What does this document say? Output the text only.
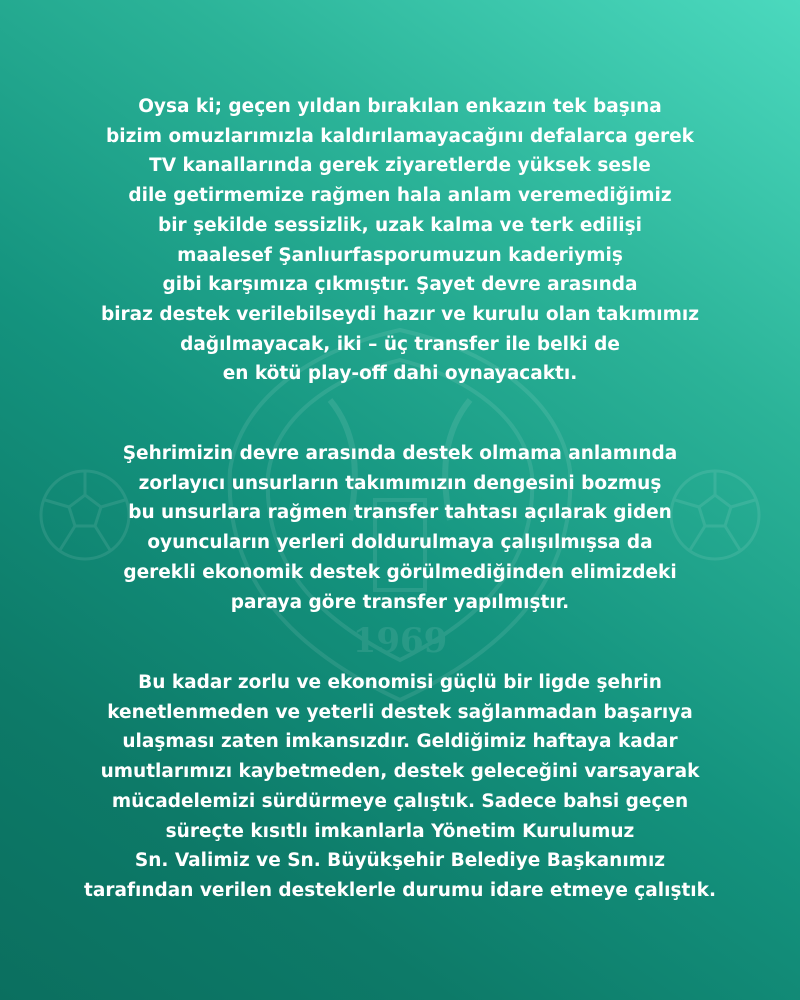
1969

Oysa ki; geçen yıldan bırakılan enkazın tek başına
bizim omuzlarımızla kaldırılamayacağını defalarca gerek
TV kanallarında gerek ziyaretlerde yüksek sesle
dile getirmemize rağmen hala anlam veremediğimiz
bir şekilde sessizlik, uzak kalma ve terk edilişi
maalesef Şanlıurfasporumuzun kaderiymiş
gibi karşımıza çıkmıştır. Şayet devre arasında
biraz destek verilebilseydi hazır ve kurulu olan takımımız
dağılmayacak, iki – üç transfer ile belki de
en kötü play-off dahi oynayacaktı.

Şehrimizin devre arasında destek olmama anlamında
zorlayıcı unsurların takımımızın dengesini bozmuş
bu unsurlara rağmen transfer tahtası açılarak giden
oyuncuların yerleri doldurulmaya çalışılmışsa da
gerekli ekonomik destek görülmediğinden elimizdeki
paraya göre transfer yapılmıştır.

Bu kadar zorlu ve ekonomisi güçlü bir ligde şehrin
kenetlenmeden ve yeterli destek sağlanmadan başarıya
ulaşması zaten imkansızdır. Geldiğimiz haftaya kadar
umutlarımızı kaybetmeden, destek geleceğini varsayarak
mücadelemizi sürdürmeye çalıştık. Sadece bahsi geçen
süreçte kısıtlı imkanlarla Yönetim Kurulumuz
Sn. Valimiz ve Sn. Büyükşehir Belediye Başkanımız
tarafından verilen desteklerle durumu idare etmeye çalıştık.
